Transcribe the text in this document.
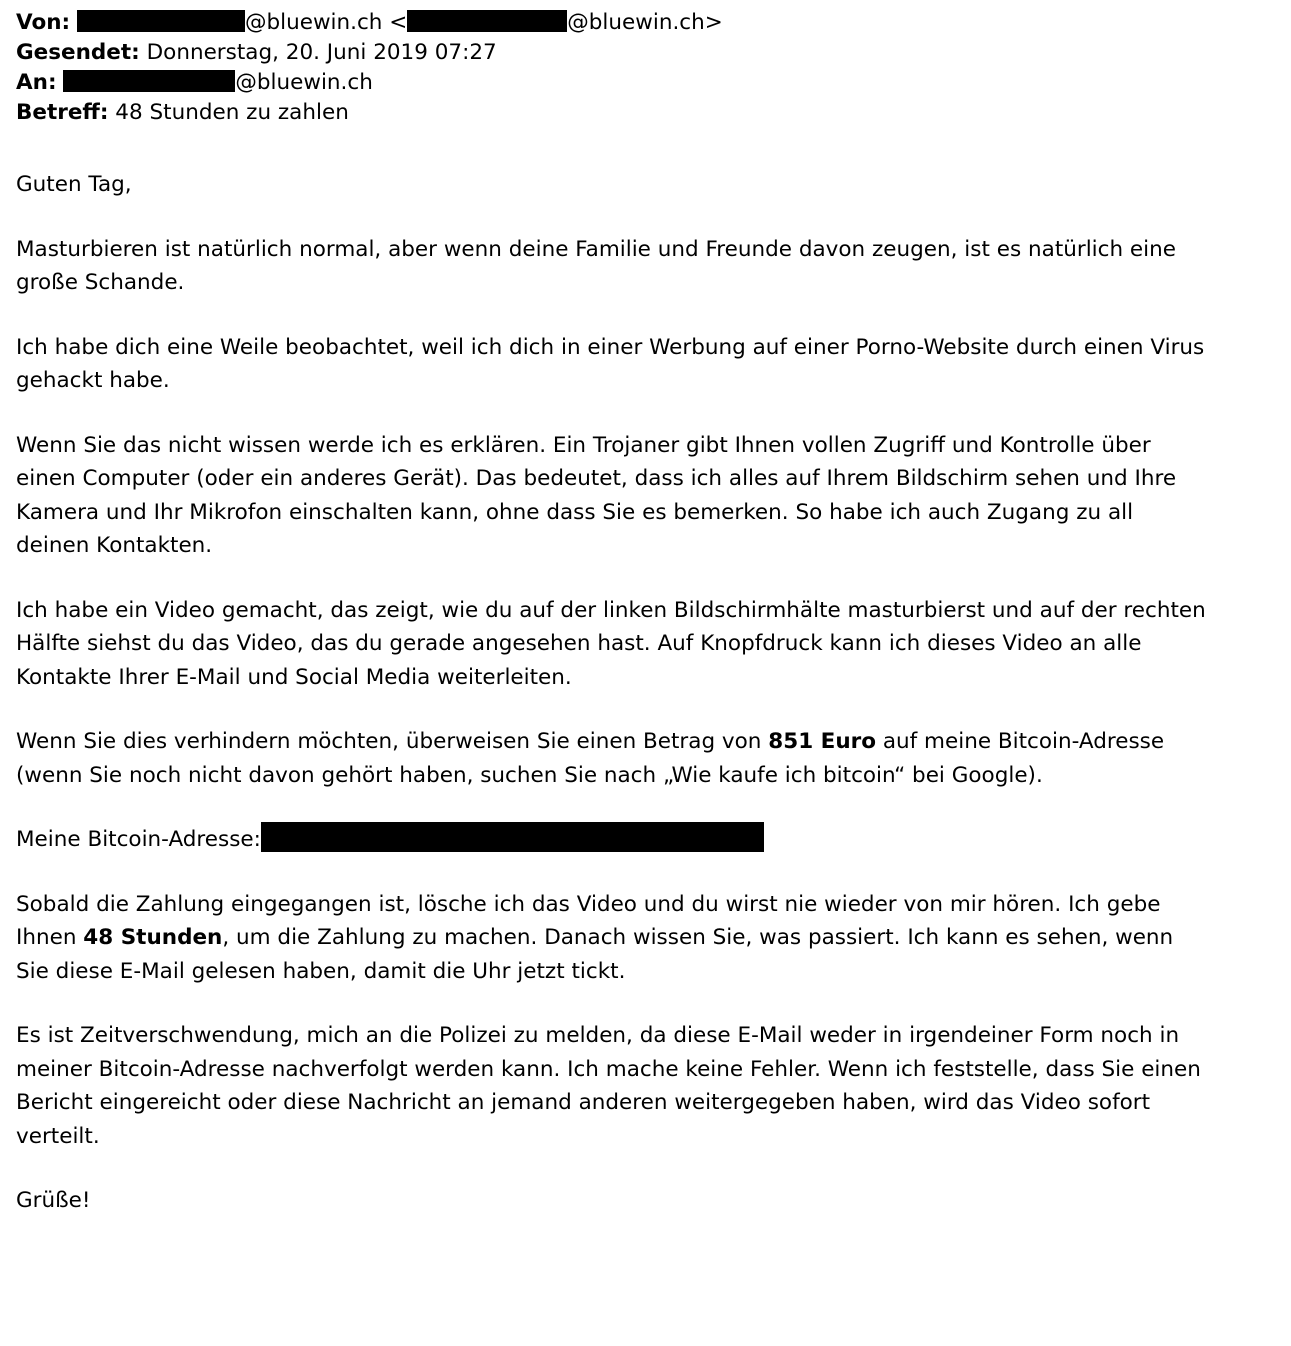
Von:	@bluewin.ch <	@bluewin.ch>
Gesendet: Donnerstag, 20. Juni 2019 07:27
An:	@bluewin.ch
Betreff: 48 Stunden zu zahlen

Guten Tag,

Masturbieren ist natürlich normal, aber wenn deine Familie und Freunde davon zeugen, ist es natürlich eine große Schande.

Ich habe dich eine Weile beobachtet, weil ich dich in einer Werbung auf einer Porno-Website durch einen Virus gehackt habe.

Wenn Sie das nicht wissen werde ich es erklären. Ein Trojaner gibt Ihnen vollen Zugriff und Kontrolle über einen Computer (oder ein anderes Gerät). Das bedeutet, dass ich alles auf Ihrem Bildschirm sehen und Ihre Kamera und Ihr Mikrofon einschalten kann, ohne dass Sie es bemerken. So habe ich auch Zugang zu all deinen Kontakten.

Ich habe ein Video gemacht, das zeigt, wie du auf der linken Bildschirmhälte masturbierst und auf der rechten Hälfte siehst du das Video, das du gerade angesehen hast. Auf Knopfdruck kann ich dieses Video an alle Kontakte Ihrer E-Mail und Social Media weiterleiten.

Wenn Sie dies verhindern möchten, überweisen Sie einen Betrag von 851 Euro auf meine Bitcoin-Adresse (wenn Sie noch nicht davon gehört haben, suchen Sie nach „Wie kaufe ich bitcoin“ bei Google).

Meine Bitcoin-Adresse:

Sobald die Zahlung eingegangen ist, lösche ich das Video und du wirst nie wieder von mir hören. Ich gebe Ihnen 48 Stunden, um die Zahlung zu machen. Danach wissen Sie, was passiert. Ich kann es sehen, wenn Sie diese E-Mail gelesen haben, damit die Uhr jetzt tickt.

Es ist Zeitverschwendung, mich an die Polizei zu melden, da diese E-Mail weder in irgendeiner Form noch in meiner Bitcoin-Adresse nachverfolgt werden kann. Ich mache keine Fehler. Wenn ich feststelle, dass Sie einen Bericht eingereicht oder diese Nachricht an jemand anderen weitergegeben haben, wird das Video sofort verteilt.

Grüße!
